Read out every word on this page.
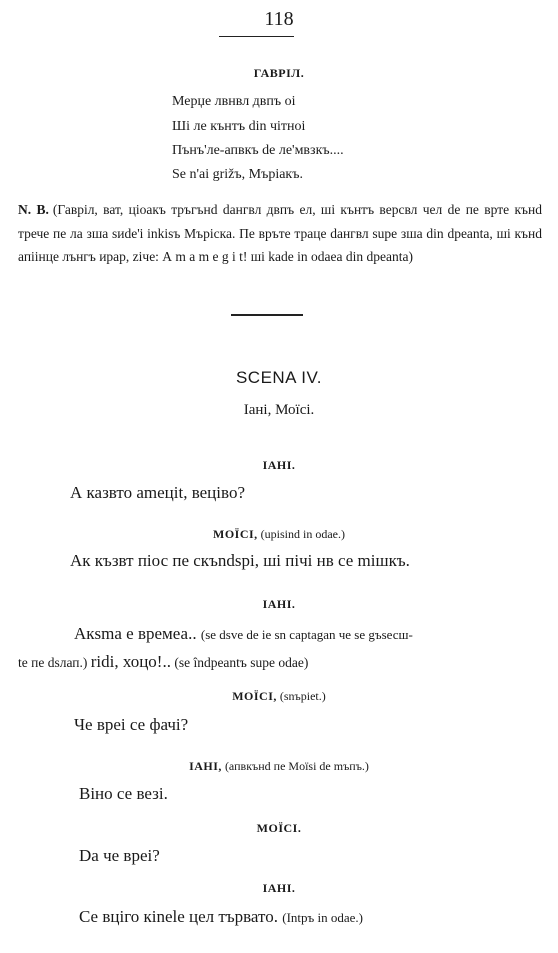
118
ГАВРІЛ.
Мерџе лвнвл двпъ оі
Ші ле кънтъ din чітноі
Пънъ'ле-апвкъ de ле'мвзкъ....
Se n'ai grižъ, Мъріакъ.
N. B. (Гавріл, ват, ціоакъ тръгънd dангвл двпъ ел, ші кънтъ версвл чел de пе врте кънd трече пе ла зша sиde'і inkisъ Мъріска. Пе връте траце dангвл supe зша din dpeanta, ші кънd апіінце лънгъ ирар, ziче: А m a m e g i t! ші kade in odaea din dpeanta)
SCENA IV.
Іані, Моїсі.
ІАНІ.
А казвто аmеціt, вецівo?
МОЇСІ, (upіsind in odae.)
Ак къзвт піос пе скъndspi, ші пічі нв се mішкъ.
ІАНІ.
Акsma е времеа.. (se dsve de ie sn captagan че se gъsесш-
te пе dsлап.) ridi, хоцо!.. (se îndpeantъ supe odae)
МОЇСІ, (snъpiet.)
Че вреі се фачі?
ІАНІ, (апвкънd пе Moïsі de mъпъ.)
Віно се везі.
МОЇСІ.
Dа че вреі?
ІАНІ.
Се вціго кіnele цел тървато. (Intpъ in odae.)
